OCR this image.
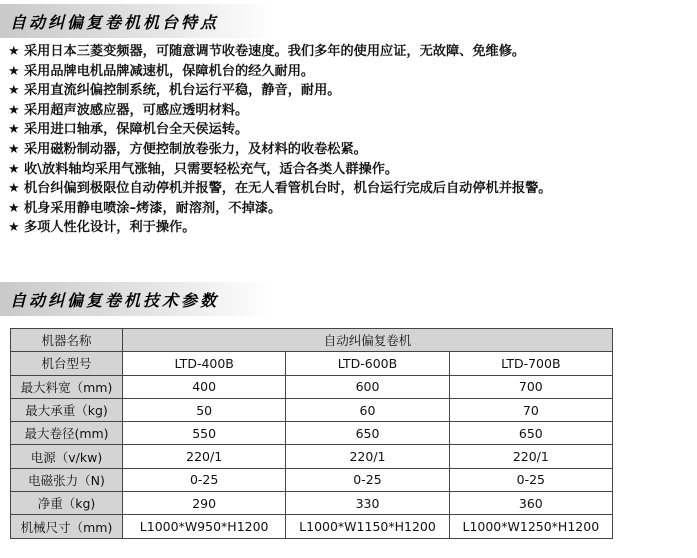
自动纠偏复卷机机台特点
★ 采用日本三菱变频器，可随意调节收卷速度。我们多年的使用应证，无故障、免维修。
★ 采用品牌电机品牌减速机，保障机台的经久耐用。
★ 采用直流纠偏控制系统，机台运行平稳，静音，耐用。
★ 采用超声波感应器，可感应透明材料。
★ 采用进口轴承，保障机台全天侯运转。
★ 采用磁粉制动器，方便控制放卷张力，及材料的收卷松紧。
★ 收\放料轴均采用气涨轴，只需要轻松充气，适合各类人群操作。
★ 机台纠偏到极限位自动停机并报警，在无人看管机台时，机台运行完成后自动停机并报警。
★ 机身采用静电喷涂–烤漆，耐溶剂，不掉漆。
★ 多项人性化设计，利于操作。
自动纠偏复卷机技术参数
机器名称	自动纠偏复卷机		
机台型号	LTD-400B	LTD-600B	LTD-700B
最大料宽（mm)	400	600	700
最大承重（kg)	50	60	70
最大卷径(mm)	550	650	650
电源（v/kw)	220/1	220/1	220/1
电磁张力（N)	0-25	0-25	0-25
净重（kg)	290	330	360
机械尺寸（mm)	L1000*W950*H1200	L1000*W1150*H1200	L1000*W1250*H1200
